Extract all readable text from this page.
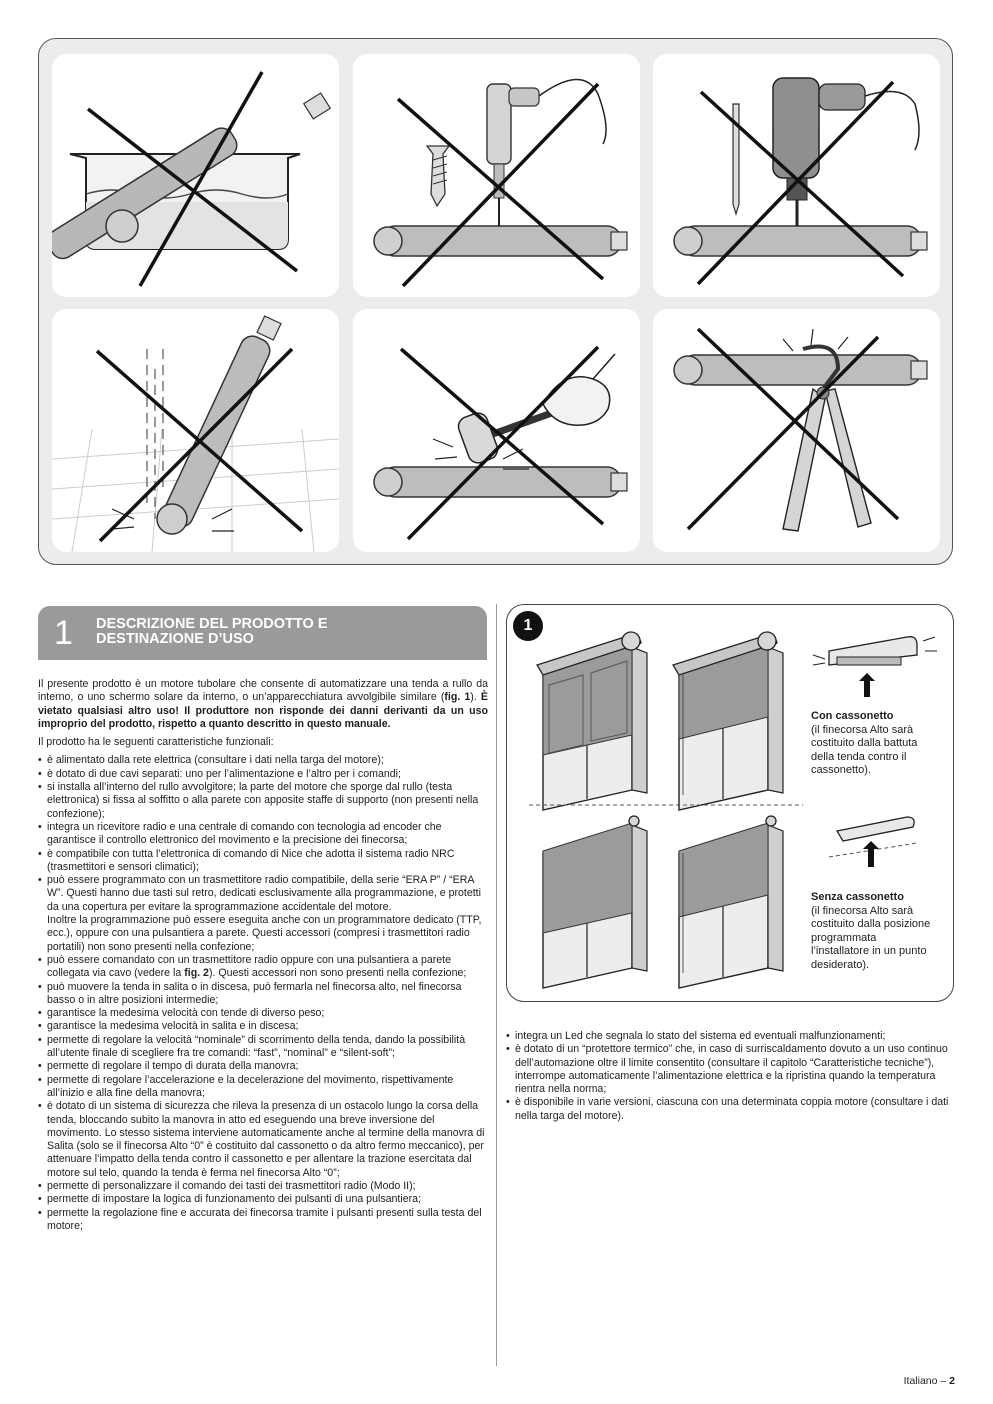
1	DESCRIZIONE DEL PRODOTTO E
DESTINAZIONE D’USO

Il presente prodotto è un motore tubolare che consente di automatizzare una tenda a rullo da interno, o uno schermo solare da interno, o un’apparecchiatura avvolgibile similare (fig. 1). È vietato qualsiasi altro uso! Il produttore non risponde dei danni derivanti da un uso improprio del prodotto, rispetto a quanto descritto in questo manuale.

Il prodotto ha le seguenti caratteristiche funzionali:

• è alimentato dalla rete elettrica (consultare i dati nella targa del motore);
• è dotato di due cavi separati: uno per l’alimentazione e l’altro per i comandi;
• si installa all’interno del rullo avvolgitore; la parte del motore che sporge dal rullo (testa elettronica) si fissa al soffitto o alla parete con apposite staffe di supporto (non presenti nella confezione);
• integra un ricevitore radio e una centrale di comando con tecnologia ad encoder che garantisce il controllo elettronico del movimento e la precisione dei finecorsa;
• è compatibile con tutta l’elettronica di comando di Nice che adotta il sistema radio NRC (trasmettitori e sensori climatici);
• può essere programmato con un trasmettitore radio compatibile, della serie “ERA P” / “ERA W”. Questi hanno due tasti sul retro, dedicati esclusivamente alla programmazione, e protetti da una copertura per evitare la sprogrammazione accidentale del motore.
Inoltre la programmazione può essere eseguita anche con un programmatore dedicato (TTP, ecc.), oppure con una pulsantiera a parete. Questi accessori (compresi i trasmettitori radio portatili) non sono presenti nella confezione;
• può essere comandato con un trasmettitore radio oppure con una pulsantiera a parete collegata via cavo (vedere la fig. 2). Questi accessori non sono presenti nella confezione;
• può muovere la tenda in salita o in discesa, può fermarla nel finecorsa alto, nel finecorsa basso o in altre posizioni intermedie;
• garantisce la medesima velocità con tende di diverso peso;
• garantisce la medesima velocità in salita e in discesa;
• permette di regolare la velocità “nominale” di scorrimento della tenda, dando la possibilità all’utente finale di scegliere fra tre comandi: “fast”, “nominal” e “silent-soft”;
• permette di regolare il tempo di durata della manovra;
• permette di regolare l’accelerazione e la decelerazione del movimento, rispettivamente all’inizio e alla fine della manovra;
• è dotato di un sistema di sicurezza che rileva la presenza di un ostacolo lungo la corsa della tenda, bloccando subito la manovra in atto ed eseguendo una breve inversione del movimento. Lo stesso sistema interviene automaticamente anche al termine della manovra di Salita (solo se il finecorsa Alto “0” è costituito dal cassonetto o da altro fermo meccanico), per attenuare l’impatto della tenda contro il cassonetto e per allentare la trazione esercitata dal motore sul telo, quando la tenda è ferma nel finecorsa Alto “0”;
• permette di personalizzare il comando dei tasti dei trasmettitori radio (Modo II);
• permette di impostare la logica di funzionamento dei pulsanti di una pulsantiera;
• permette la regolazione fine e accurata dei finecorsa tramite i pulsanti presenti sulla testa del motore;
1
Con cassonetto
(il finecorsa Alto sarà costituito dalla battuta della tenda contro il cassonetto).
Senza cassonetto
(il finecorsa Alto sarà costituito dalla posizione programmata l’installatore in un punto desiderato).
• integra un Led che segnala lo stato del sistema ed eventuali malfunzionamenti;
• è dotato di un “protettore termico” che, in caso di surriscaldamento dovuto a un uso continuo dell’automazione oltre il limite consentito (consultare il capitolo “Caratteristiche tecniche”), interrompe automaticamente l’alimentazione elettrica e la ripristina quando la temperatura rientra nella norma;
• è disponibile in varie versioni, ciascuna con una determinata coppia motore (consultare i dati nella targa del motore).
Italiano – 2
